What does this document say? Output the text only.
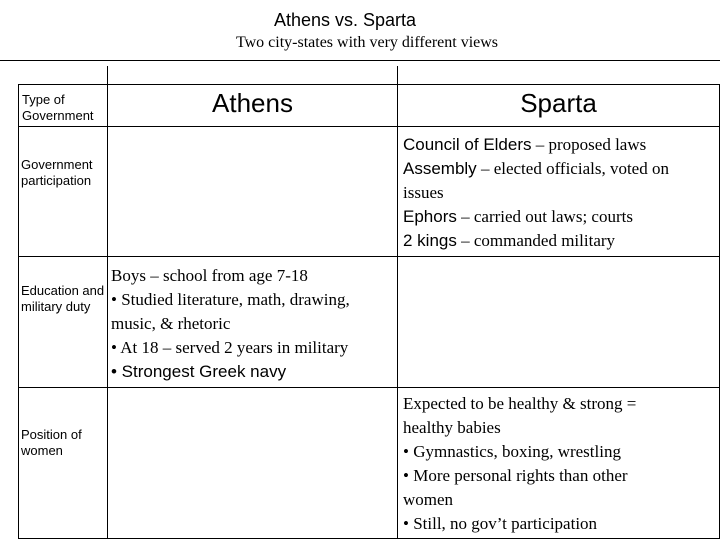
Athens vs. Sparta
Two city-states with very different views
Type of Government	Athens	Sparta
Government participation
Council of Elders – proposed laws
Assembly – elected officials, voted on
issues
Ephors – carried out laws; courts
2 kings – commanded military
Education and military duty
Boys – school from age 7-18
• Studied literature, math, drawing,
music, & rhetoric
• At 18 – served 2 years in military
• Strongest Greek navy
Position of women
Expected to be healthy & strong =
healthy babies
• Gymnastics, boxing, wrestling
• More personal rights than other
women
• Still, no gov’t participation
